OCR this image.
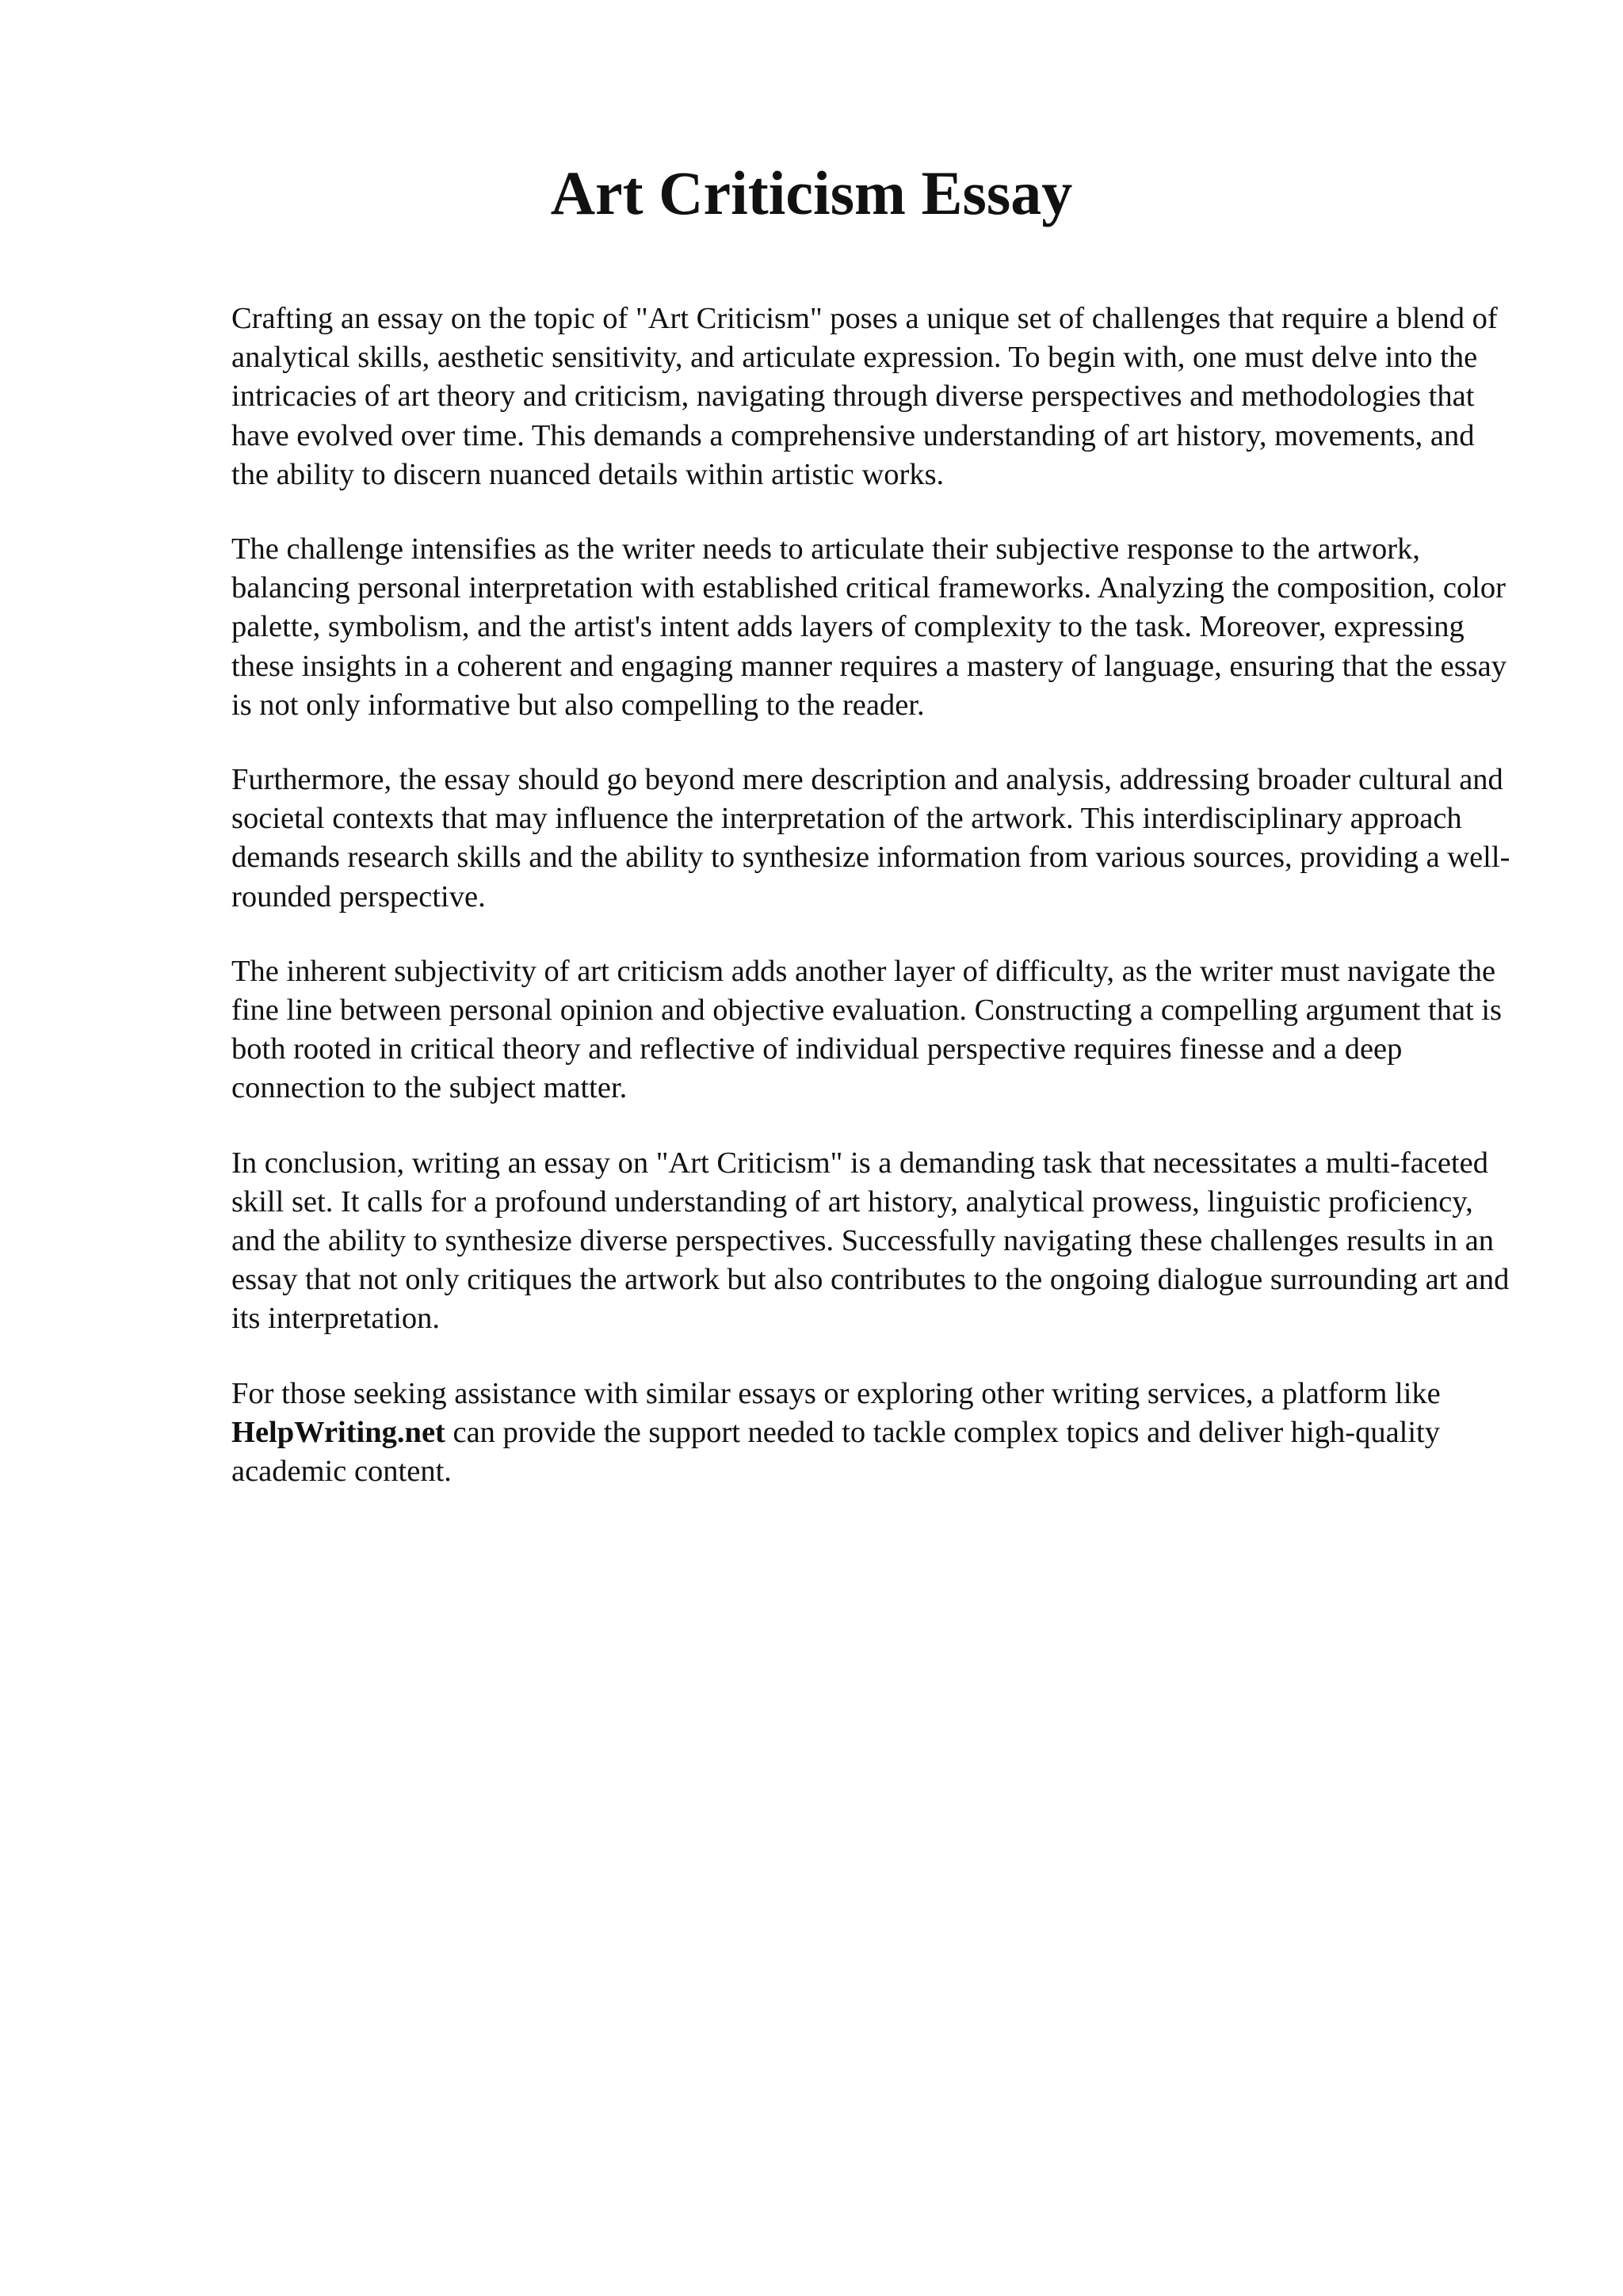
Art Criticism Essay

Crafting an essay on the topic of "Art Criticism" poses a unique set of challenges that require a blend of analytical skills, aesthetic sensitivity, and articulate expression. To begin with, one must delve into the intricacies of art theory and criticism, navigating through diverse perspectives and methodologies that have evolved over time. This demands a comprehensive understanding of art history, movements, and the ability to discern nuanced details within artistic works.

The challenge intensifies as the writer needs to articulate their subjective response to the artwork, balancing personal interpretation with established critical frameworks. Analyzing the composition, color palette, symbolism, and the artist's intent adds layers of complexity to the task. Moreover, expressing these insights in a coherent and engaging manner requires a mastery of language, ensuring that the essay is not only informative but also compelling to the reader.

Furthermore, the essay should go beyond mere description and analysis, addressing broader cultural and societal contexts that may influence the interpretation of the artwork. This interdisciplinary approach demands research skills and the ability to synthesize information from various sources, providing a well-rounded perspective.

The inherent subjectivity of art criticism adds another layer of difficulty, as the writer must navigate the fine line between personal opinion and objective evaluation. Constructing a compelling argument that is both rooted in critical theory and reflective of individual perspective requires finesse and a deep connection to the subject matter.

In conclusion, writing an essay on "Art Criticism" is a demanding task that necessitates a multi-faceted skill set. It calls for a profound understanding of art history, analytical prowess, linguistic proficiency, and the ability to synthesize diverse perspectives. Successfully navigating these challenges results in an essay that not only critiques the artwork but also contributes to the ongoing dialogue surrounding art and its interpretation.

For those seeking assistance with similar essays or exploring other writing services, a platform like HelpWriting.net can provide the support needed to tackle complex topics and deliver high-quality academic content.
